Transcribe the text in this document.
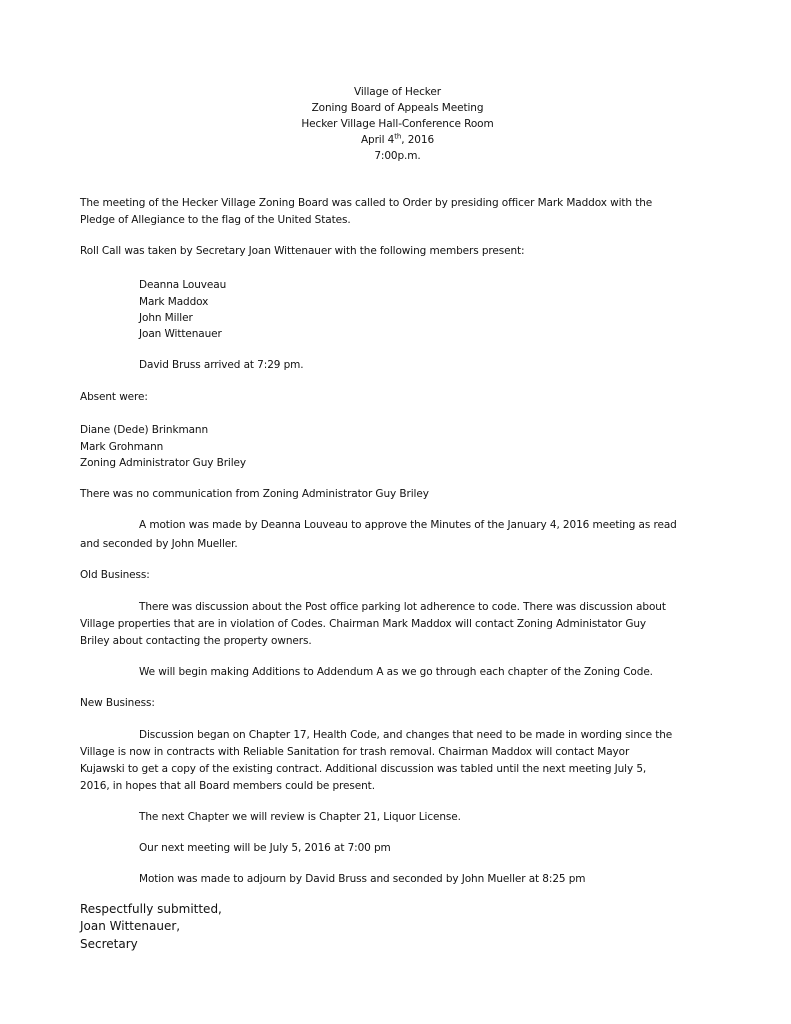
Village of Hecker
Zoning Board of Appeals Meeting
Hecker Village Hall-Conference Room
April 4th, 2016
7:00p.m.
The meeting of the Hecker Village Zoning Board was called to Order by presiding officer Mark Maddox with the
Pledge of Allegiance to the flag of the United States.
Roll Call was taken by Secretary Joan Wittenauer with the following members present:
Deanna Louveau
Mark Maddox
John Miller
Joan Wittenauer
David Bruss arrived at 7:29 pm.
Absent were:
Diane (Dede) Brinkmann
Mark Grohmann
Zoning Administrator Guy Briley
There was no communication from Zoning Administrator Guy Briley
A motion was made by Deanna Louveau to approve the Minutes of the January 4, 2016 meeting as read
and seconded by John Mueller.
Old Business:
There was discussion about the Post office parking lot adherence to code. There was discussion about
Village properties that are in violation of Codes. Chairman Mark Maddox will contact Zoning Administator Guy
Briley about contacting the property owners.
We will begin making Additions to Addendum A as we go through each chapter of the Zoning Code.
New Business:
Discussion began on Chapter 17, Health Code, and changes that need to be made in wording since the
Village is now in contracts with Reliable Sanitation for trash removal. Chairman Maddox will contact Mayor
Kujawski to get a copy of the existing contract. Additional discussion was tabled until the next meeting July 5,
2016, in hopes that all Board members could be present.
The next Chapter we will review is Chapter 21, Liquor License.
Our next meeting will be July 5, 2016 at 7:00 pm
Motion was made to adjourn by David Bruss and seconded by John Mueller at 8:25 pm
Respectfully submitted,
Joan Wittenauer,
Secretary
